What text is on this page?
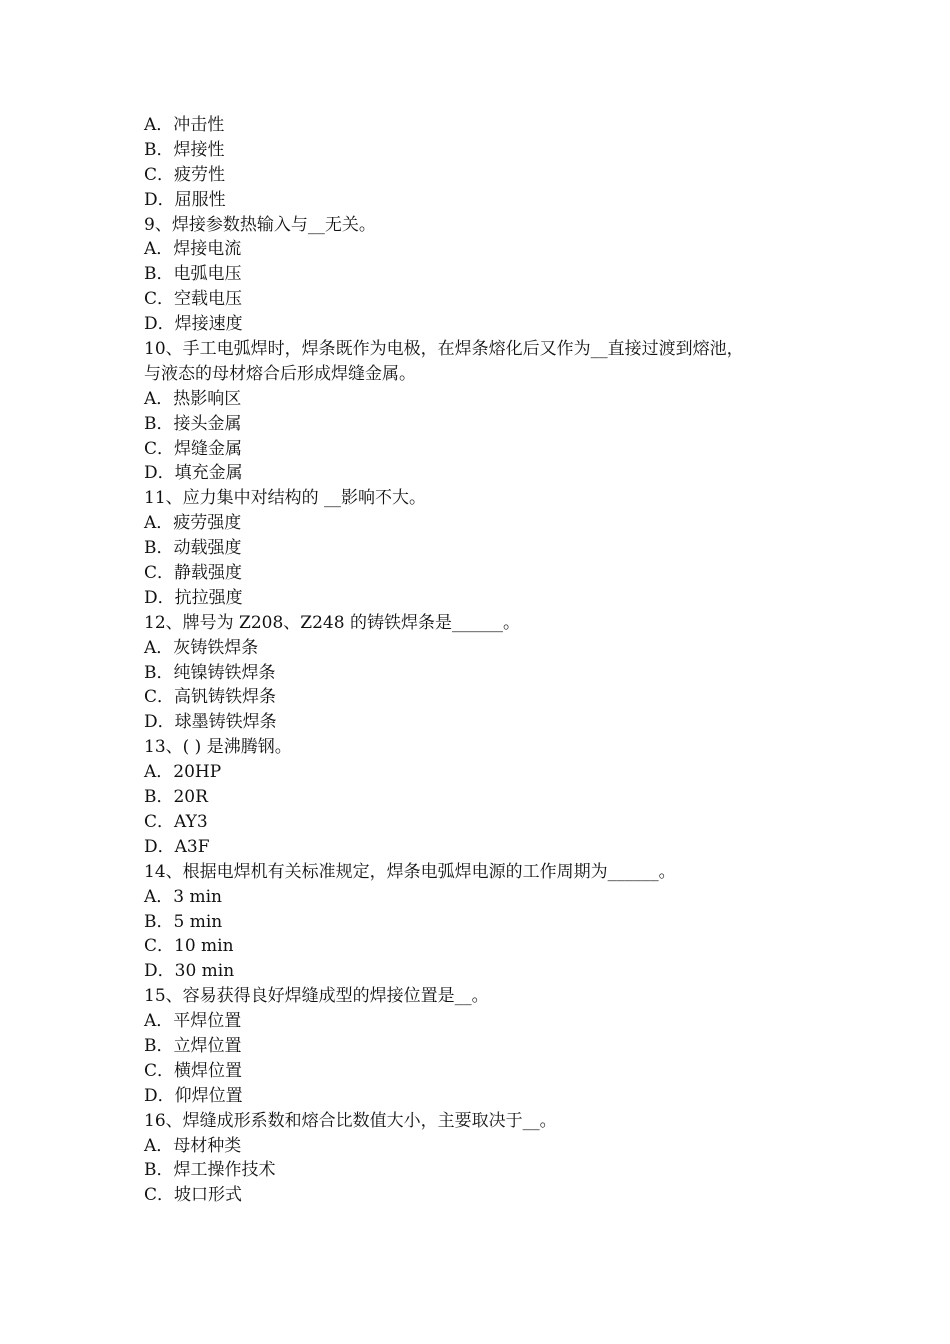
A．冲击性
B．焊接性
C．疲劳性
D．屈服性
9、焊接参数热输入与__无关。
A．焊接电流
B．电弧电压
C．空载电压
D．焊接速度
10、手工电弧焊时，焊条既作为电极，在焊条熔化后又作为__直接过渡到熔池，
与液态的母材熔合后形成焊缝金属。
A．热影响区
B．接头金属
C．焊缝金属
D．填充金属
11、应力集中对结构的 __影响不大。
A．疲劳强度
B．动载强度
C．静载强度
D．抗拉强度
12、牌号为 Z208、Z248 的铸铁焊条是______。
A．灰铸铁焊条
B．纯镍铸铁焊条
C．高钒铸铁焊条
D．球墨铸铁焊条
13、( ) 是沸腾钢。
A．20HP
B．20R
C．AY3
D．A3F
14、根据电焊机有关标准规定，焊条电弧焊电源的工作周期为______。
A．3 min
B．5 min
C．10 min
D．30 min
15、容易获得良好焊缝成型的焊接位置是__。
A．平焊位置
B．立焊位置
C．横焊位置
D．仰焊位置
16、焊缝成形系数和熔合比数值大小，主要取决于__。
A．母材种类
B．焊工操作技术
C．坡口形式
